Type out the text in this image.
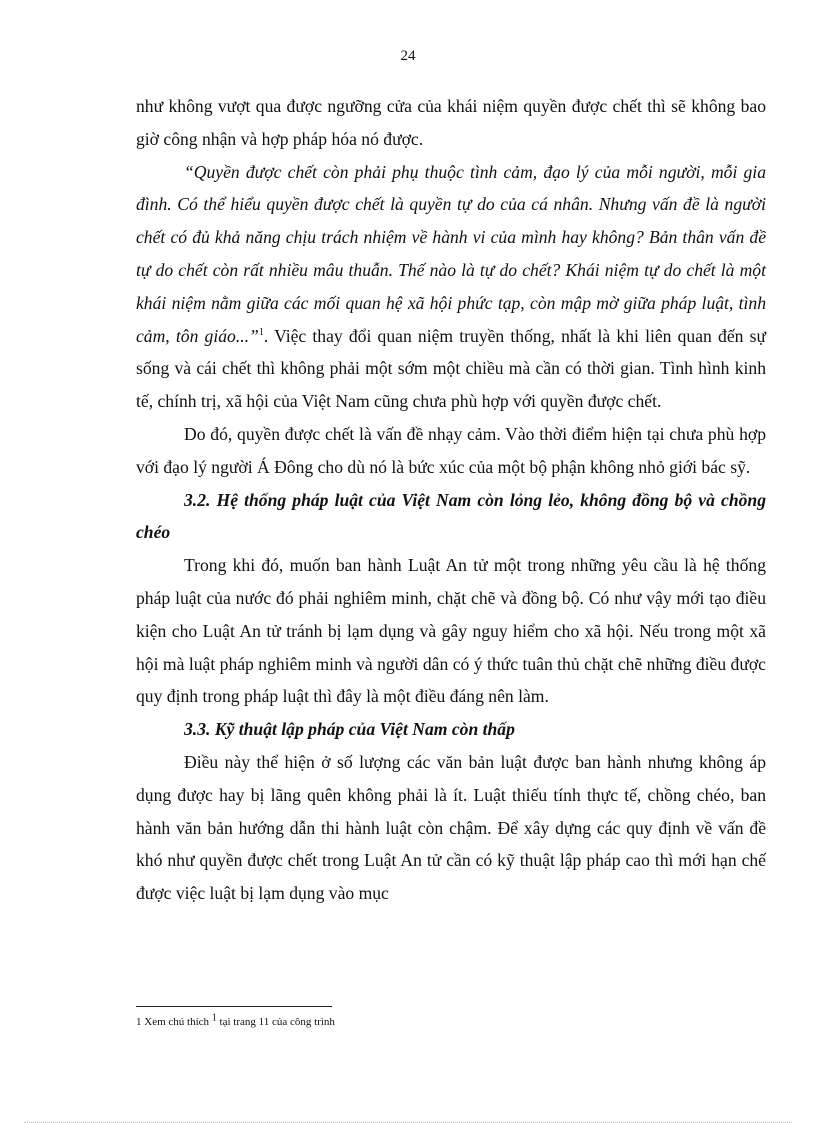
24

như không vượt qua được ngưỡng cửa của khái niệm quyền được chết thì sẽ không bao giờ công nhận và hợp pháp hóa nó được.

“Quyền được chết còn phải phụ thuộc tình cảm, đạo lý của mỗi người, mỗi gia đình. Có thể hiểu quyền được chết là quyền tự do của cá nhân. Nhưng vấn đề là người chết có đủ khả năng chịu trách nhiệm về hành vi của mình hay không? Bản thân vấn đề tự do chết còn rất nhiều mâu thuẫn. Thế nào là tự do chết? Khái niệm tự do chết là một khái niệm nằm giữa các mối quan hệ xã hội phức tạp, còn mập mờ giữa pháp luật, tình cảm, tôn giáo...”$^1$. Việc thay đổi quan niệm truyền thống, nhất là khi liên quan đến sự sống và cái chết thì không phải một sớm một chiều mà cần có thời gian. Tình hình kinh tế, chính trị, xã hội của Việt Nam cũng chưa phù hợp với quyền được chết.

Do đó, quyền được chết là vấn đề nhạy cảm. Vào thời điểm hiện tại chưa phù hợp với đạo lý người Á Đông cho dù nó là bức xúc của một bộ phận không nhỏ giới bác sỹ.

3.2. Hệ thống pháp luật của Việt Nam còn lỏng lẻo, không đồng bộ và chồng chéo

Trong khi đó, muốn ban hành Luật An tử một trong những yêu cầu là hệ thống pháp luật của nước đó phải nghiêm minh, chặt chẽ và đồng bộ. Có như vậy mới tạo điều kiện cho Luật An tử tránh bị lạm dụng và gây nguy hiểm cho xã hội. Nếu trong một xã hội mà luật pháp nghiêm minh và người dân có ý thức tuân thủ chặt chẽ những điều được quy định trong pháp luật thì đây là một điều đáng nên làm.

3.3. Kỹ thuật lập pháp của Việt Nam còn thấp

Điều này thể hiện ở số lượng các văn bản luật được ban hành nhưng không áp dụng được hay bị lãng quên không phải là ít. Luật thiếu tính thực tế, chồng chéo, ban hành văn bản hướng dẫn thi hành luật còn chậm. Để xây dựng các quy định về vấn đề khó như quyền được chết trong Luật An tử cần có kỹ thuật lập pháp cao thì mới hạn chế được việc luật bị lạm dụng vào mục

1 Xem chú thích $^1$ tại trang 11 của công trình
